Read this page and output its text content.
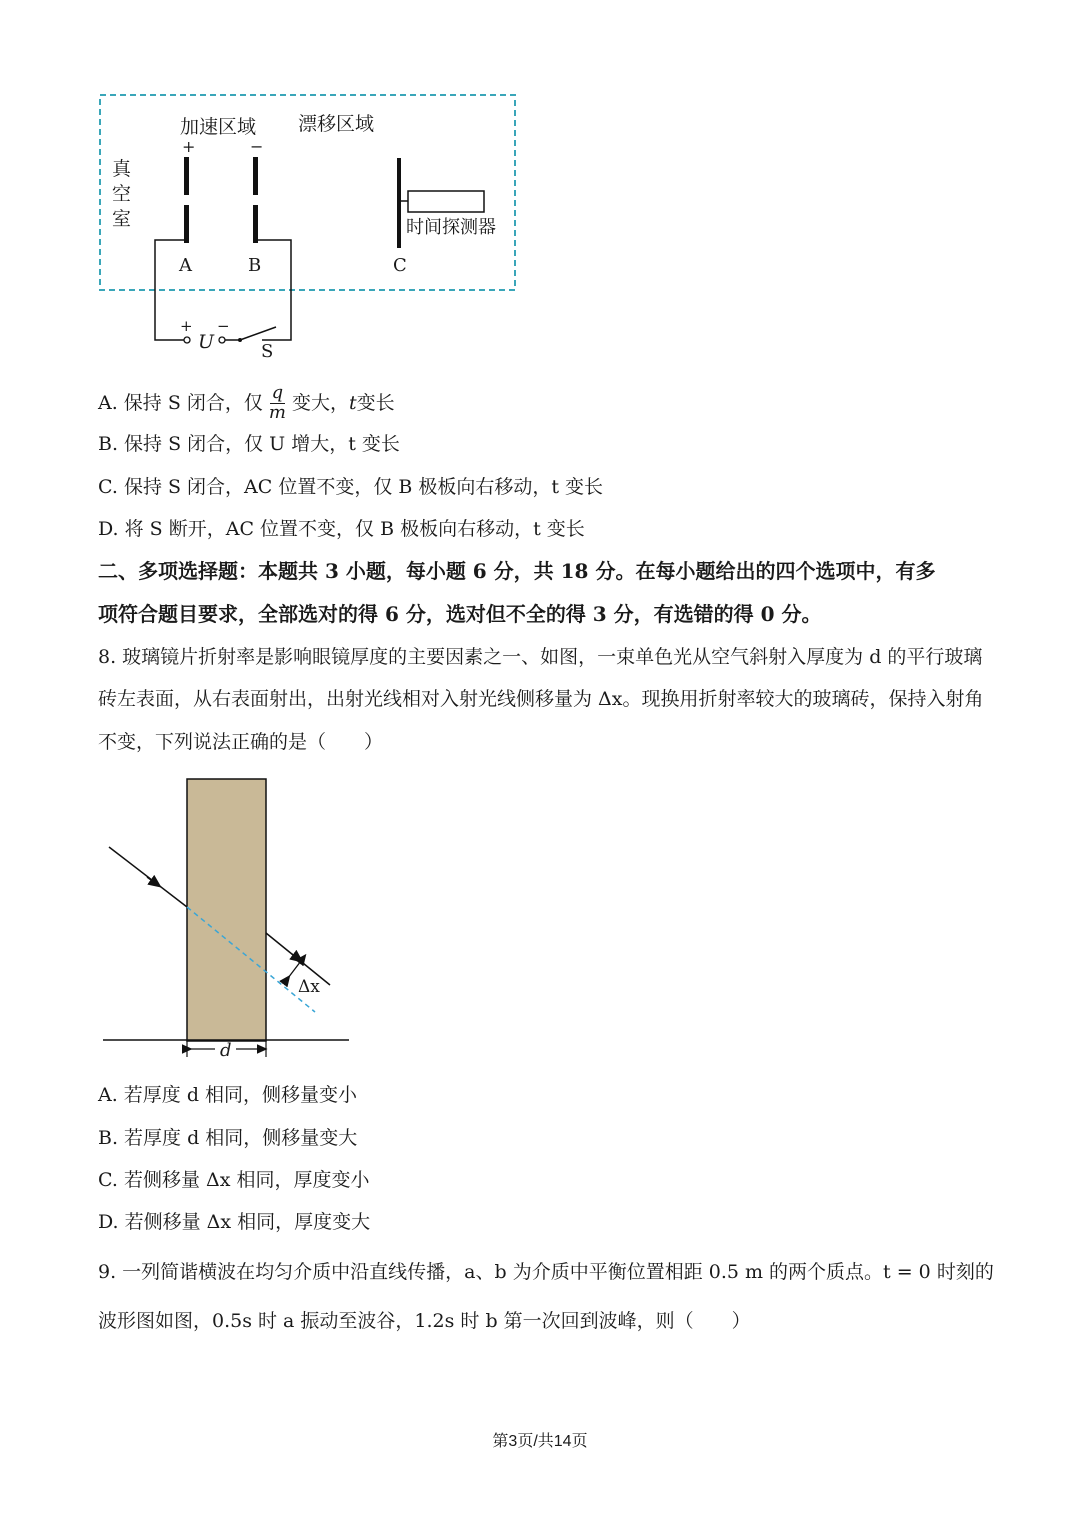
真
空
室
加速区域 漂移区域
+	−
时间探测器
A	B	C
+ −
U	S
A. 保持 S 闭合，仅 $\frac{q}{m}$ 变大， t 变长
B. 保持 S 闭合，仅 U 增大，t 变长
C. 保持 S 闭合，AC 位置不变，仅 B 极板向右移动，t 变长
D. 将 S 断开，AC 位置不变，仅 B 极板向右移动，t 变长
二、多项选择题：本题共 3 小题，每小题 6 分，共 18 分。在每小题给出的四个选项中，有多
项符合题目要求，全部选对的得 6 分，选对但不全的得 3 分，有选错的得 0 分。
8. 玻璃镜片折射率是影响眼镜厚度的主要因素之一、如图，一束单色光从空气斜射入厚度为 d 的平行玻璃
砖左表面，从右表面射出，出射光线相对入射光线侧移量为 Δx。现换用折射率较大的玻璃砖，保持入射角
不变，下列说法正确的是（　　）
Δx
d
A. 若厚度 d 相同，侧移量变小
B. 若厚度 d 相同，侧移量变大
C. 若侧移量 Δx 相同，厚度变小
D. 若侧移量 Δx 相同，厚度变大
9. 一列简谐横波在均匀介质中沿直线传播，a、b 为介质中平衡位置相距 0.5 m 的两个质点。t = 0 时刻的
波形图如图，0.5s 时 a 振动至波谷，1.2s 时 b 第一次回到波峰，则（　　）
第3页/共14页
